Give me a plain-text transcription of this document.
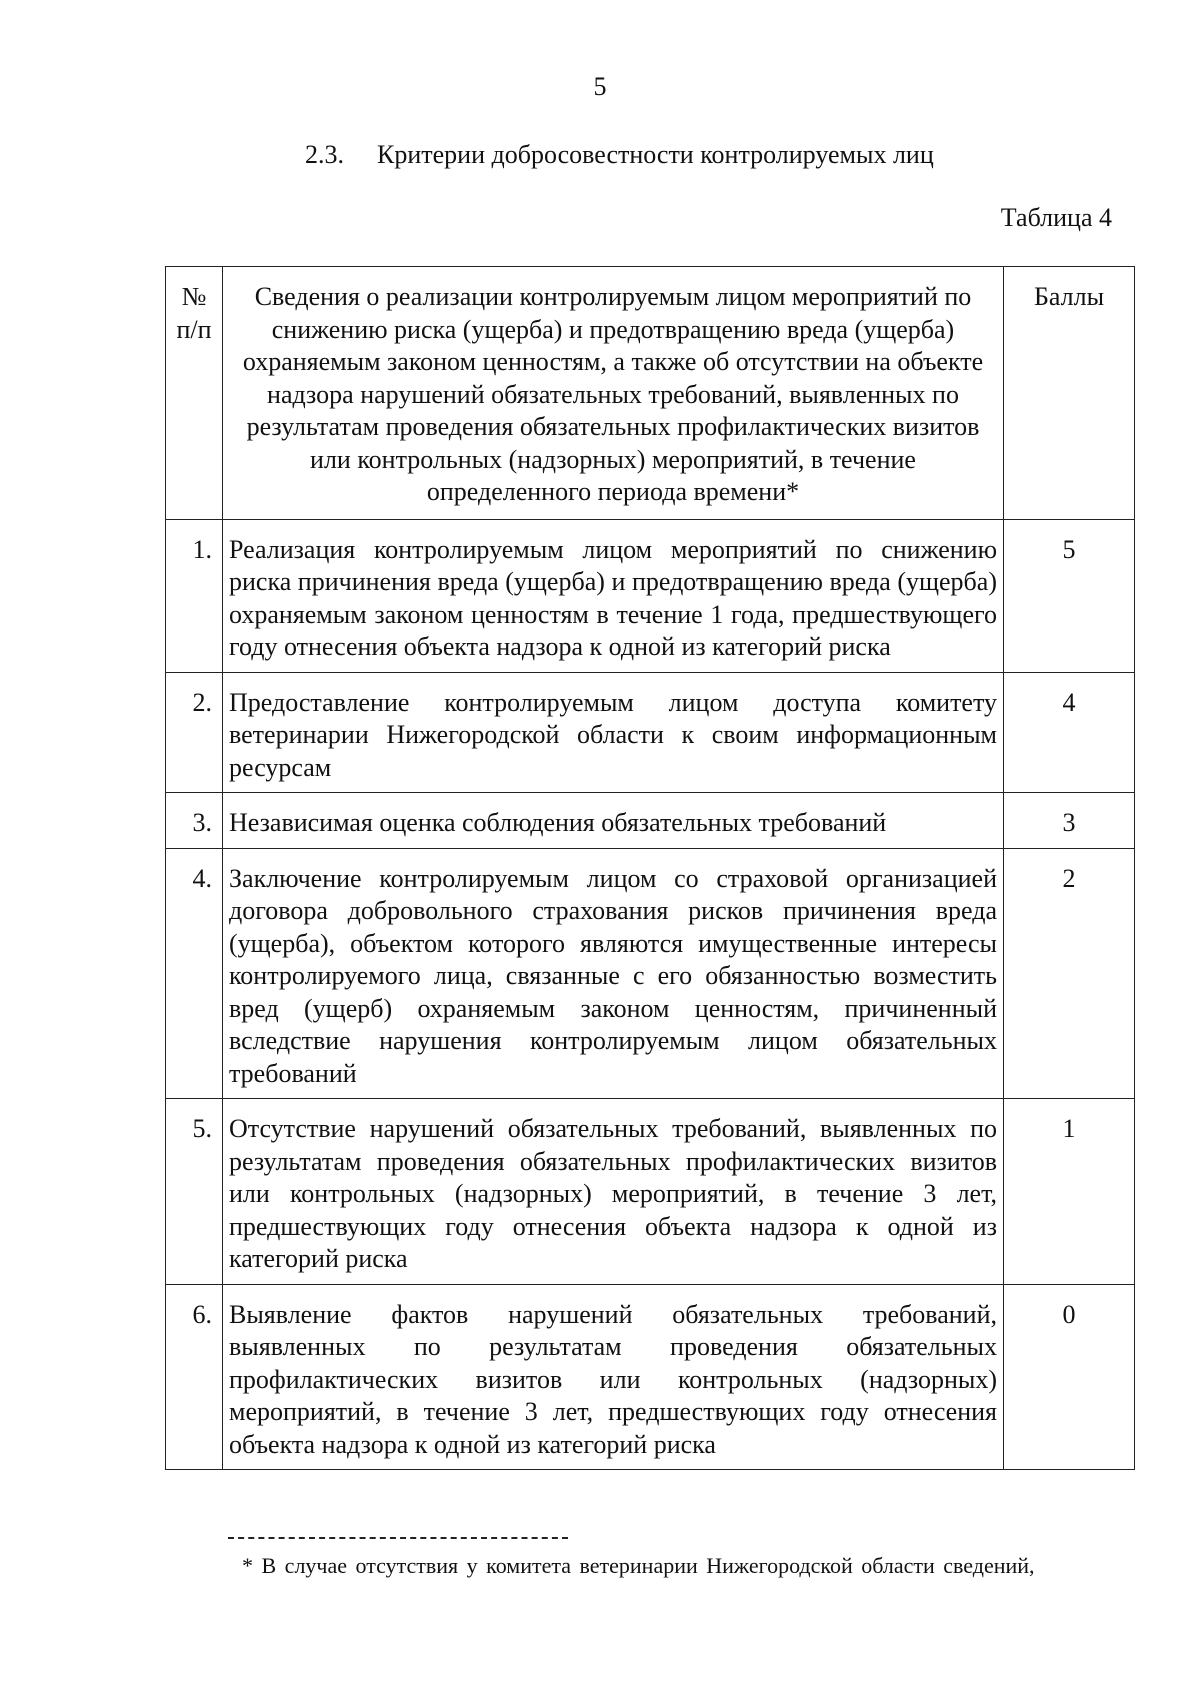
5
2.3. Критерии добросовестности контролируемых лиц
Таблица 4
№ п/п	Сведения о реализации контролируемым лицом мероприятий по снижению риска (ущерба) и предотвращению вреда (ущерба) охраняемым законом ценностям, а также об отсутствии на объекте надзора нарушений обязательных требований, выявленных по результатам проведения обязательных профилактических визитов или контрольных (надзорных) мероприятий, в течение определенного периода времени*	Баллы
1.	Реализация контролируемым лицом мероприятий по снижению риска причинения вреда (ущерба) и предотвращению вреда (ущерба) охраняемым законом ценностям в течение 1 года, предшествующего году отнесения объекта надзора к одной из категорий риска	5
2.	Предоставление контролируемым лицом доступа комитету ветеринарии Нижегородской области к своим информационным ресурсам	4
3.	Независимая оценка соблюдения обязательных требований	3
4.	Заключение контролируемым лицом со страховой организацией договора добровольного страхования рисков причинения вреда (ущерба), объектом которого являются имущественные интересы контролируемого лица, связанные с его обязанностью возместить вред (ущерб) охраняемым законом ценностям, причиненный вследствие нарушения контролируемым лицом обязательных требований	2
5.	Отсутствие нарушений обязательных требований, выявленных по результатам проведения обязательных профилактических визитов или контрольных (надзорных) мероприятий, в течение 3 лет, предшествующих году отнесения объекта надзора к одной из категорий риска	1
6.	Выявление фактов нарушений обязательных требований, выявленных по результатам проведения обязательных профилактических визитов или контрольных (надзорных) мероприятий, в течение 3 лет, предшествующих году отнесения объекта надзора к одной из категорий риска	0
* В случае отсутствия у комитета ветеринарии Нижегородской области сведений,
